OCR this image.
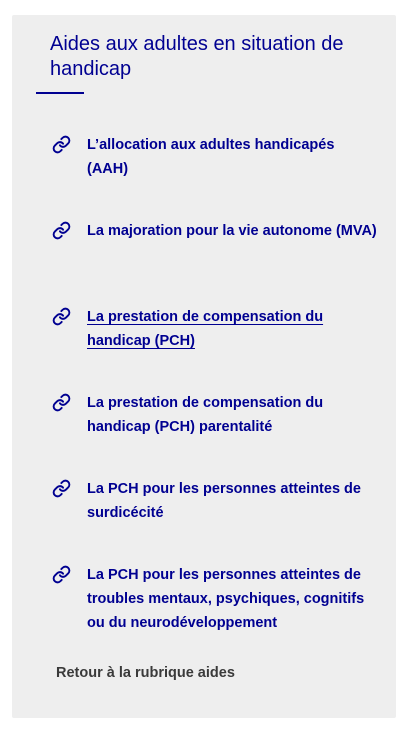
Aides aux adultes en situation de handicap
L’allocation aux adultes handicapés (AAH)
La majoration pour la vie autonome (MVA)
La prestation de compensation du handicap (PCH)
La prestation de compensation du handicap (PCH) parentalité
La PCH pour les personnes atteintes de surdicécité
La PCH pour les personnes atteintes de troubles mentaux, psychiques, cognitifs ou du neurodéveloppement
Retour à la rubrique aides
